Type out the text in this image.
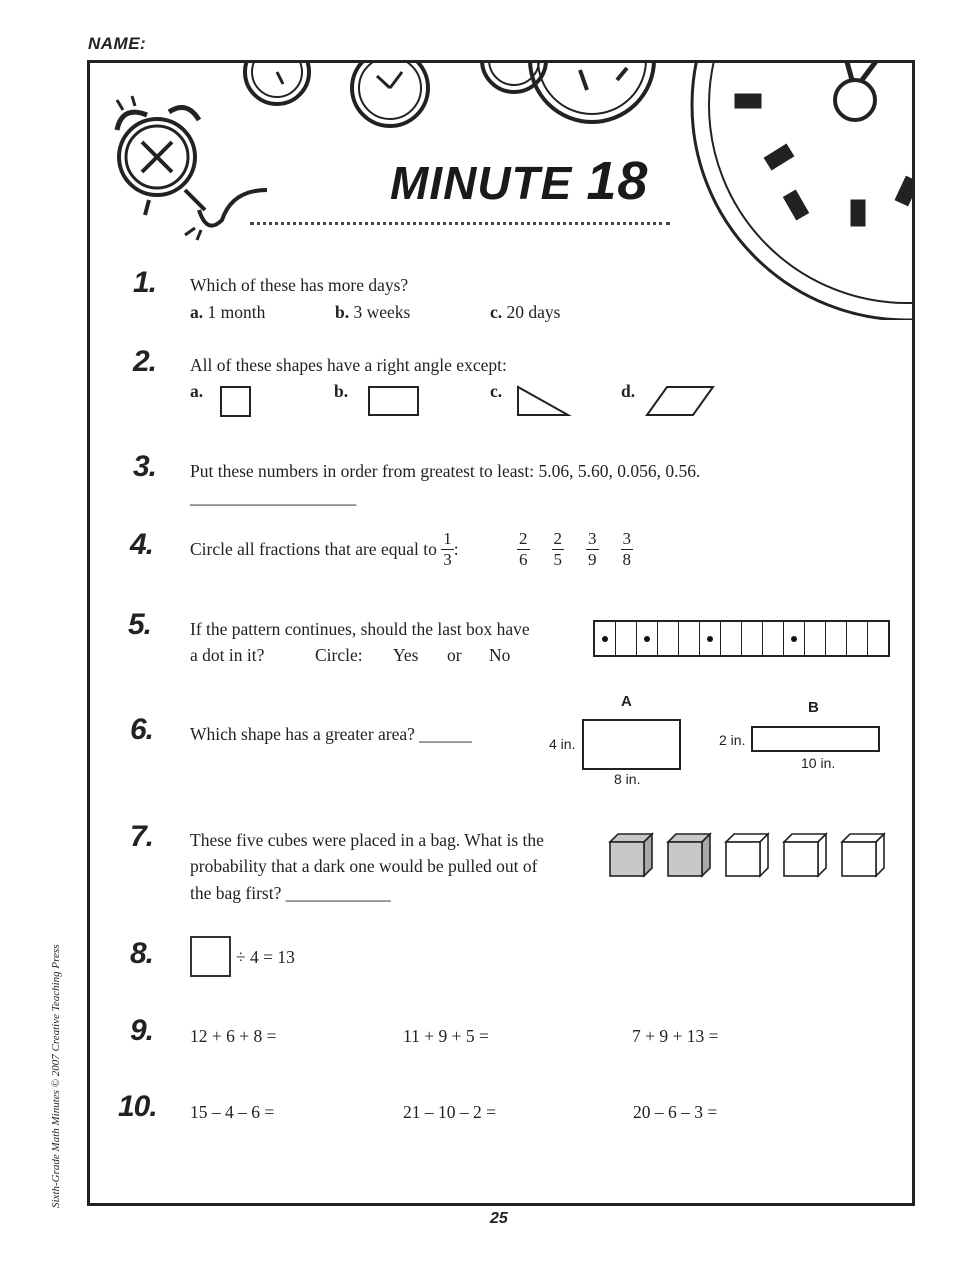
NAME:
MINUTE 18
1. Which of these has more days?
a. 1 month	b. 3 weeks	c. 20 days
2. All of these shapes have a right angle except:
a.	b.	c.	d.
3. Put these numbers in order from greatest to least: 5.06, 5.60, 0.056, 0.56.
___________________
4. Circle all fractions that are equal to
$\frac{1}{3}$ :	$\frac{2}{6} \frac{2}{5} \frac{3}{9} \frac{3}{8}$
5. If the pattern continues, should the last box have
a dot in it?	Circle: Yes or No
6. Which shape has a greater area? ______
A
4 in.
8 in.
B
2 in.
10 in.
7. These five cubes were placed in a bag. What is the
probability that a dark one would be pulled out of
the bag first? ____________
8.	÷ 4 = 13
9. 12 + 6 + 8 =	11 + 9 + 5 =	7 + 9 + 13 =
10. 15 – 4 – 6 =	21 – 10 – 2 =	20 – 6 – 3 =
Sixth-Grade Math Minutes © 2007 Creative Teaching Press
25
